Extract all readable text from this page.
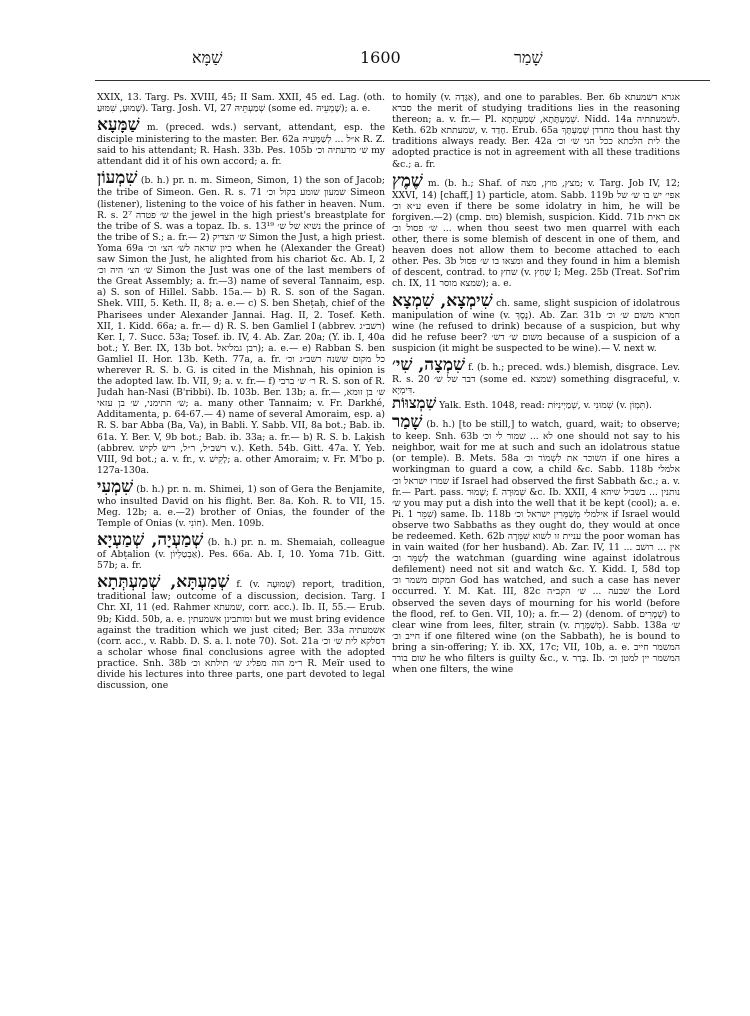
שַׁמָּא	1600	שָׁמַר

XXIX, 13. Targ. Ps. XVIII, 45; II Sam. XXII, 45 ed. Lag. (oth. שָׁמוּעַ, שִׁמּוּעַ). Targ. Josh. VI, 27 שְׁמַעְתֵּיהּ (some ed. שָׁמְעֵיהּ); a. e.

שַׁמָּעָא m. (preced. wds.) servant, attendant, esp. the disciple ministering to the master. Ber. 62a א״ל ... לְשַׁמָּעֵיהּ R. Z. said to his attendant; R. Hash. 33b. Pes. 105b ש׳ מדעתיה וכ׳ my attendant did it of his own accord; a. fr.

שִׁמְעוֹן (b. h.) pr. n. m. Simeon, Simon, 1) the son of Jacob; the tribe of Simeon. Gen. R. s. 71 שמעון שומע בקול וכ׳ Simeon (listener), listening to the voice of his father in heaven. Num. R. s. 2⁷ ש׳ פטדה the jewel in the high priest's breastplate for the tribe of S. was a topaz. Ib. s. 13¹⁹ נשיא של ש׳ the prince of the tribe of S.; a. fr.— 2) ש׳ הצדיק Simon the Just, a high priest. Yoma 69a כיון שראה לש׳ הצ׳ וכ׳ when he (Alexander the Great) saw Simon the Just, he alighted from his chariot &c. Ab. I, 2 ש׳ הצ׳ היה וכ׳ Simon the Just was one of the last members of the Great Assembly; a. fr.—3) name of several Tannaim, esp. a) S. son of Hillel. Sabb. 15a.— b) R. S. son of the Sagan. Shek. VIII, 5. Keth. II, 8; a. e.— c) S. ben Sheṭaḥ, chief of the Pharisees under Alexander Jannai. Hag. II, 2. Tosef. Keth. XII, 1. Kidd. 66a; a. fr.— d) R. S. ben Gamliel I (abbrev. רשב״ג) Ker. I, 7. Succ. 53a; Tosef. ib. IV, 4. Ab. Zar. 20a; (Y. ib. I, 40a bot.; Y. Ber. IX, 13b bot. רבן גמליאל); a. e.— e) Rabban S. ben Gamliel II. Hor. 13b. Keth. 77a, a. fr. כל מקום ששנה רשב״ג וכ׳ wherever R. S. b. G. is cited in the Mishnah, his opinion is the adopted law. Ib. VII, 9; a. v. fr.— f) ר׳ ש׳ ברבי R. S. son of R. Judah han-Nasi (B'ribbi). Ib. 103b. Ber. 13b; a. fr.— ש׳ בן זומא, ש׳ התימני, ש׳ בן עזאי; a. many other Tannaim; v. Fr. Darkhé, Additamenta, p. 64-67.— 4) name of several Amoraim, esp. a) R. S. bar Abba (Ba, Va), in Babli. Y. Sabb. VII, 8a bot.; Bab. ib. 61a. Y. Ber. V, 9b bot.; Bab. ib. 33a; a. fr.— b) R. S. b. Laḳish (abbrev. רשב״ל, ר״ל, ריש לקיש v.). Keth. 54b. Gitt. 47a. Y. Yeb. VIII, 9d bot.; a. v. fr., v. לָקִישׁ; a. other Amoraim; v. Fr. M'bo p. 127a-130a.

שִׁמְעִי (b. h.) pr. n. m. Shimei, 1) son of Gera the Benjamite, who insulted David on his flight. Ber. 8a. Koh. R. to VII, 15. Meg. 12b; a. e.—2) brother of Onias, the founder of the Temple of Onias (v. חוֹנִי). Men. 109b.

שְׁמַעְיָה, שְׁמַעְיָא (b. h.) pr. n. m. Shemaiah, colleague of Abṭalion (v. אַבְטַלְיוֹן). Pes. 66a. Ab. I, 10. Yoma 71b. Gitt. 57b; a. fr.

שְׁמַעְתָּא, שְׁמַעְתְּתָא f. (v. שְׁמוּעָה) report, tradition, traditional law; outcome of a discussion, decision. Targ. I Chr. XI, 11 (ed. Rahmer שמעתא, corr. acc.). Ib. II, 55.— Erub. 9b; Kidd. 50b, a. e. ומותבינן אשמעתין but we must bring evidence against the tradition which we just cited; Ber. 33a אשמעתיה (corr. acc., v. Rabb. D. S. a. l. note 70). Sot. 21a דסלקא לית ש׳ וכ׳ a scholar whose final conclusions agree with the adopted practice. Snh. 38b ר״מ הוה מפליג ש׳ תילתא וכ׳ R. Meïr used to divide his lectures into three parts, one part devoted to legal discussion, one

to homily (v. אַגָּדָה), and one to parables. Ber. 6b אגרא דשמעתא סברא the merit of studying traditions lies in the reasoning thereon; a. v. fr.— Pl. שְׁמַעְתָּתָא, שְׁמַעְתְּתָא. Nidd. 14a לשמעתתיה. Keth. 62b שמעתתא, v. חָדַד. Erub. 65a מחדדן שְׁמַעְתָּךְ thou hast thy traditions always ready. Ber. 42a לית הלכתא ככל הני ש׳ וכ׳ the adopted practice is not in agreement with all these traditions &c.; a. fr.

שֶׁמֶץ m. (b. h.; Shaf. of מצץ, מוץ, מצה; v. Targ. Job IV, 12; XXVI, 14) [chaff,] 1) particle, atom. Sabb. 119b אפי׳ יש בו ש׳ של ע״א וכ׳ even if there be some idolatry in him, he will be forgiven.—2) (cmp. מוּם) blemish, suspicion. Kidd. 71b אם ראית ... ש׳ פסול וכ׳ when thou seest two men quarrel with each other, there is some blemish of descent in one of them, and heaven does not allow them to become attached to each other. Pes. 3b ומצאו בו ש׳ פסול and they found in him a blemish of descent, contrad. to שחץ (v. שַׁחַץ I; Meg. 25b (Treat. Sof'rim ch. IX, 11 שמצא מוסר); a. e.

שִׁימְצָא, שִׁמְצָא ch. same, slight suspicion of idolatrous manipulation of wine (v. נֶסֶךְ). Ab. Zar. 31b חמרא משום ש׳ וכ׳ wine (he refused to drink) because of a suspicion, but why did he refuse beer? משום ש׳ דש׳ because of a suspicion of a suspicion (it might be suspected to be wine).— V. next w.

שִׁמְצָה, שִׁי׳ f. (b. h.; preced. wds.) blemish, disgrace. Lev. R. s. 20 דבר של ש׳ (some ed. שמצא) something disgraceful, v. דִּימְיָא.

שִׁמְצוּוֹת Yalk. Esth. 1048, read: שְׁמַיְינִיּוֹת, v. שְׁמוּנִי (v. תִּמְוֹן).

שָׁמַר (b. h.) [to be still,] to watch, guard, wait; to observe; to keep. Snh. 63b לא ... שמור לי וכ׳ one should not say to his neighbor, wait for me at such and such an idolatrous statue (or temple). B. Mets. 58a השוכר את לִשְׁמוֹר וכ׳ if one hires a workingman to guard a cow, a child &c. Sabb. 118b אלמלי שמרו ישראל וכ׳ if Israel had observed the first Sabbath &c.; a. v. fr.— Part. pass. שָׁמוּר; f. שְׁמוּרָה &c. Ib. XXII, 4 נותנין ... בשביל שיהא ש׳ you may put a dish into the well that it be kept (cool); a. e. Pi. שִׁמֵּר 1) same. Ib. 118b אילמלי מְשַׁמְּרִין ישראל וכ׳ if Israel would observe two Sabbaths as they ought do, they would at once be redeemed. Keth. 62b עניית זו לשוא שִׁמְּרָה the poor woman has in vain waited (for her husband). Ab. Zar. IV, 11 אין ... רושב ... לְשַׁמֵּר וכ׳ the watchman (guarding wine against idolatrous defilement) need not sit and watch &c. Y. Kidd. I, 58d top המקום משמר וכ׳ God has watched, and such a case has never occurred. Y. M. Kat. III, 82c שבעה ... ש׳ הקב״ה the Lord observed the seven days of mourning for his world (before the flood, ref. to Gen. VII, 10); a. fr.— 2) (denom. of שְׁמָרִים) to clear wine from lees, filter, strain (v. מְשַׁמֶּרֶת). Sabb. 138a ש׳ חייב וכ׳ if one filtered wine (on the Sabbath), he is bound to bring a sin-offering; Y. ib. XX, 17c; VII, 10b, a. e. המשמר חייב שום בורר he who filters is guilty &c., v. בָּרַר. Ib. המשמר יין למטן וכ׳ when one filters, the wine
